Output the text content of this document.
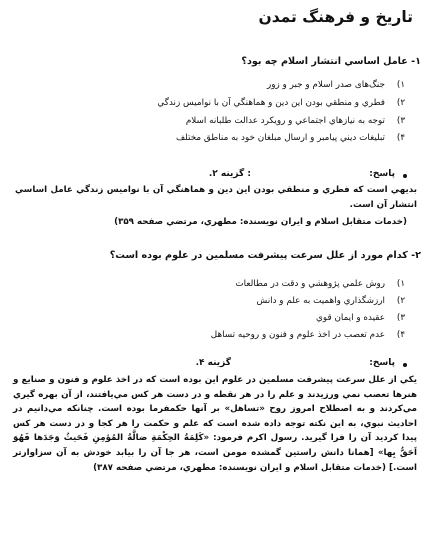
تاریخ و فرهنگ تمدن
۱- عامل اساسي انتشار اسلام چه بود؟
۱)
جنگ‌های صدر اسلام و جبر و زور
۲)
فطري و منطقي بودن این دین و هماهنگي آن با نوامیس زندگي
۳)
توجه به نیازهاي اجتماعي و رویکرد عدالت طلبانه اسلام
۴)
تبلیغات دیني پیامبر و ارسال مبلغان خود به مناطق مختلف
پاسخ:
: گزینه ۲.
بدیهي است كه فطري و منطقي بودن این دین و هماهنگي آن با نوامیس زندگي عامل اساسي انتشار آن است.
(خدمات متقابل اسلام و ایران نویسنده: مطهري، مرتضي صفحه ۳۵۹)
۲- كدام مورد از علل سرعت پیشرفت مسلمین در علوم بوده است؟
۱)
روش علمي پژوهشي و دقت در مطالعات
۲)
ارزشگذاري واهمیت به علم و دانش
۳)
عقیده و ایمان قوي
۴)
عدم تعصب در اخذ علوم و فنون و روحیه تساهل
پاسخ:
گزینه ۴.
یكي از علل سرعت پیشرفت مسلمین در علوم این بوده است كه در اخذ علوم و فنون و صنایع و هنرها تعصب نمي ورزیدند و علم را در هر نقطه و در دست هر كس مي‌یافتند، از آن بهره گیري مي‌كردند و به اصطلاح امروز روح «تساهل» بر آنها حكمفرما بوده است. چنانكه مي‌دانیم در احادیث نبوي، به این نكته توجه داده شده است كه علم و حكمت را هر كجا و در دست هر كس پیدا كردید آن را فرا گیرید. رسول اكرم فرمود: «كَلِمَةُ الحِكْمَةِ ضالَّةُ المُؤمِنِ فَحَيثُ وَجَدَها فَهُوَ اَحَقُّ بِها» [همانا دانش راستین گمشده مومن است، هر جا آن را بیابد خودش به آن سزاوارتر است.] (خدمات متقابل اسلام و ایران نویسنده: مطهري، مرتضي صفحه ۳۸۷)
